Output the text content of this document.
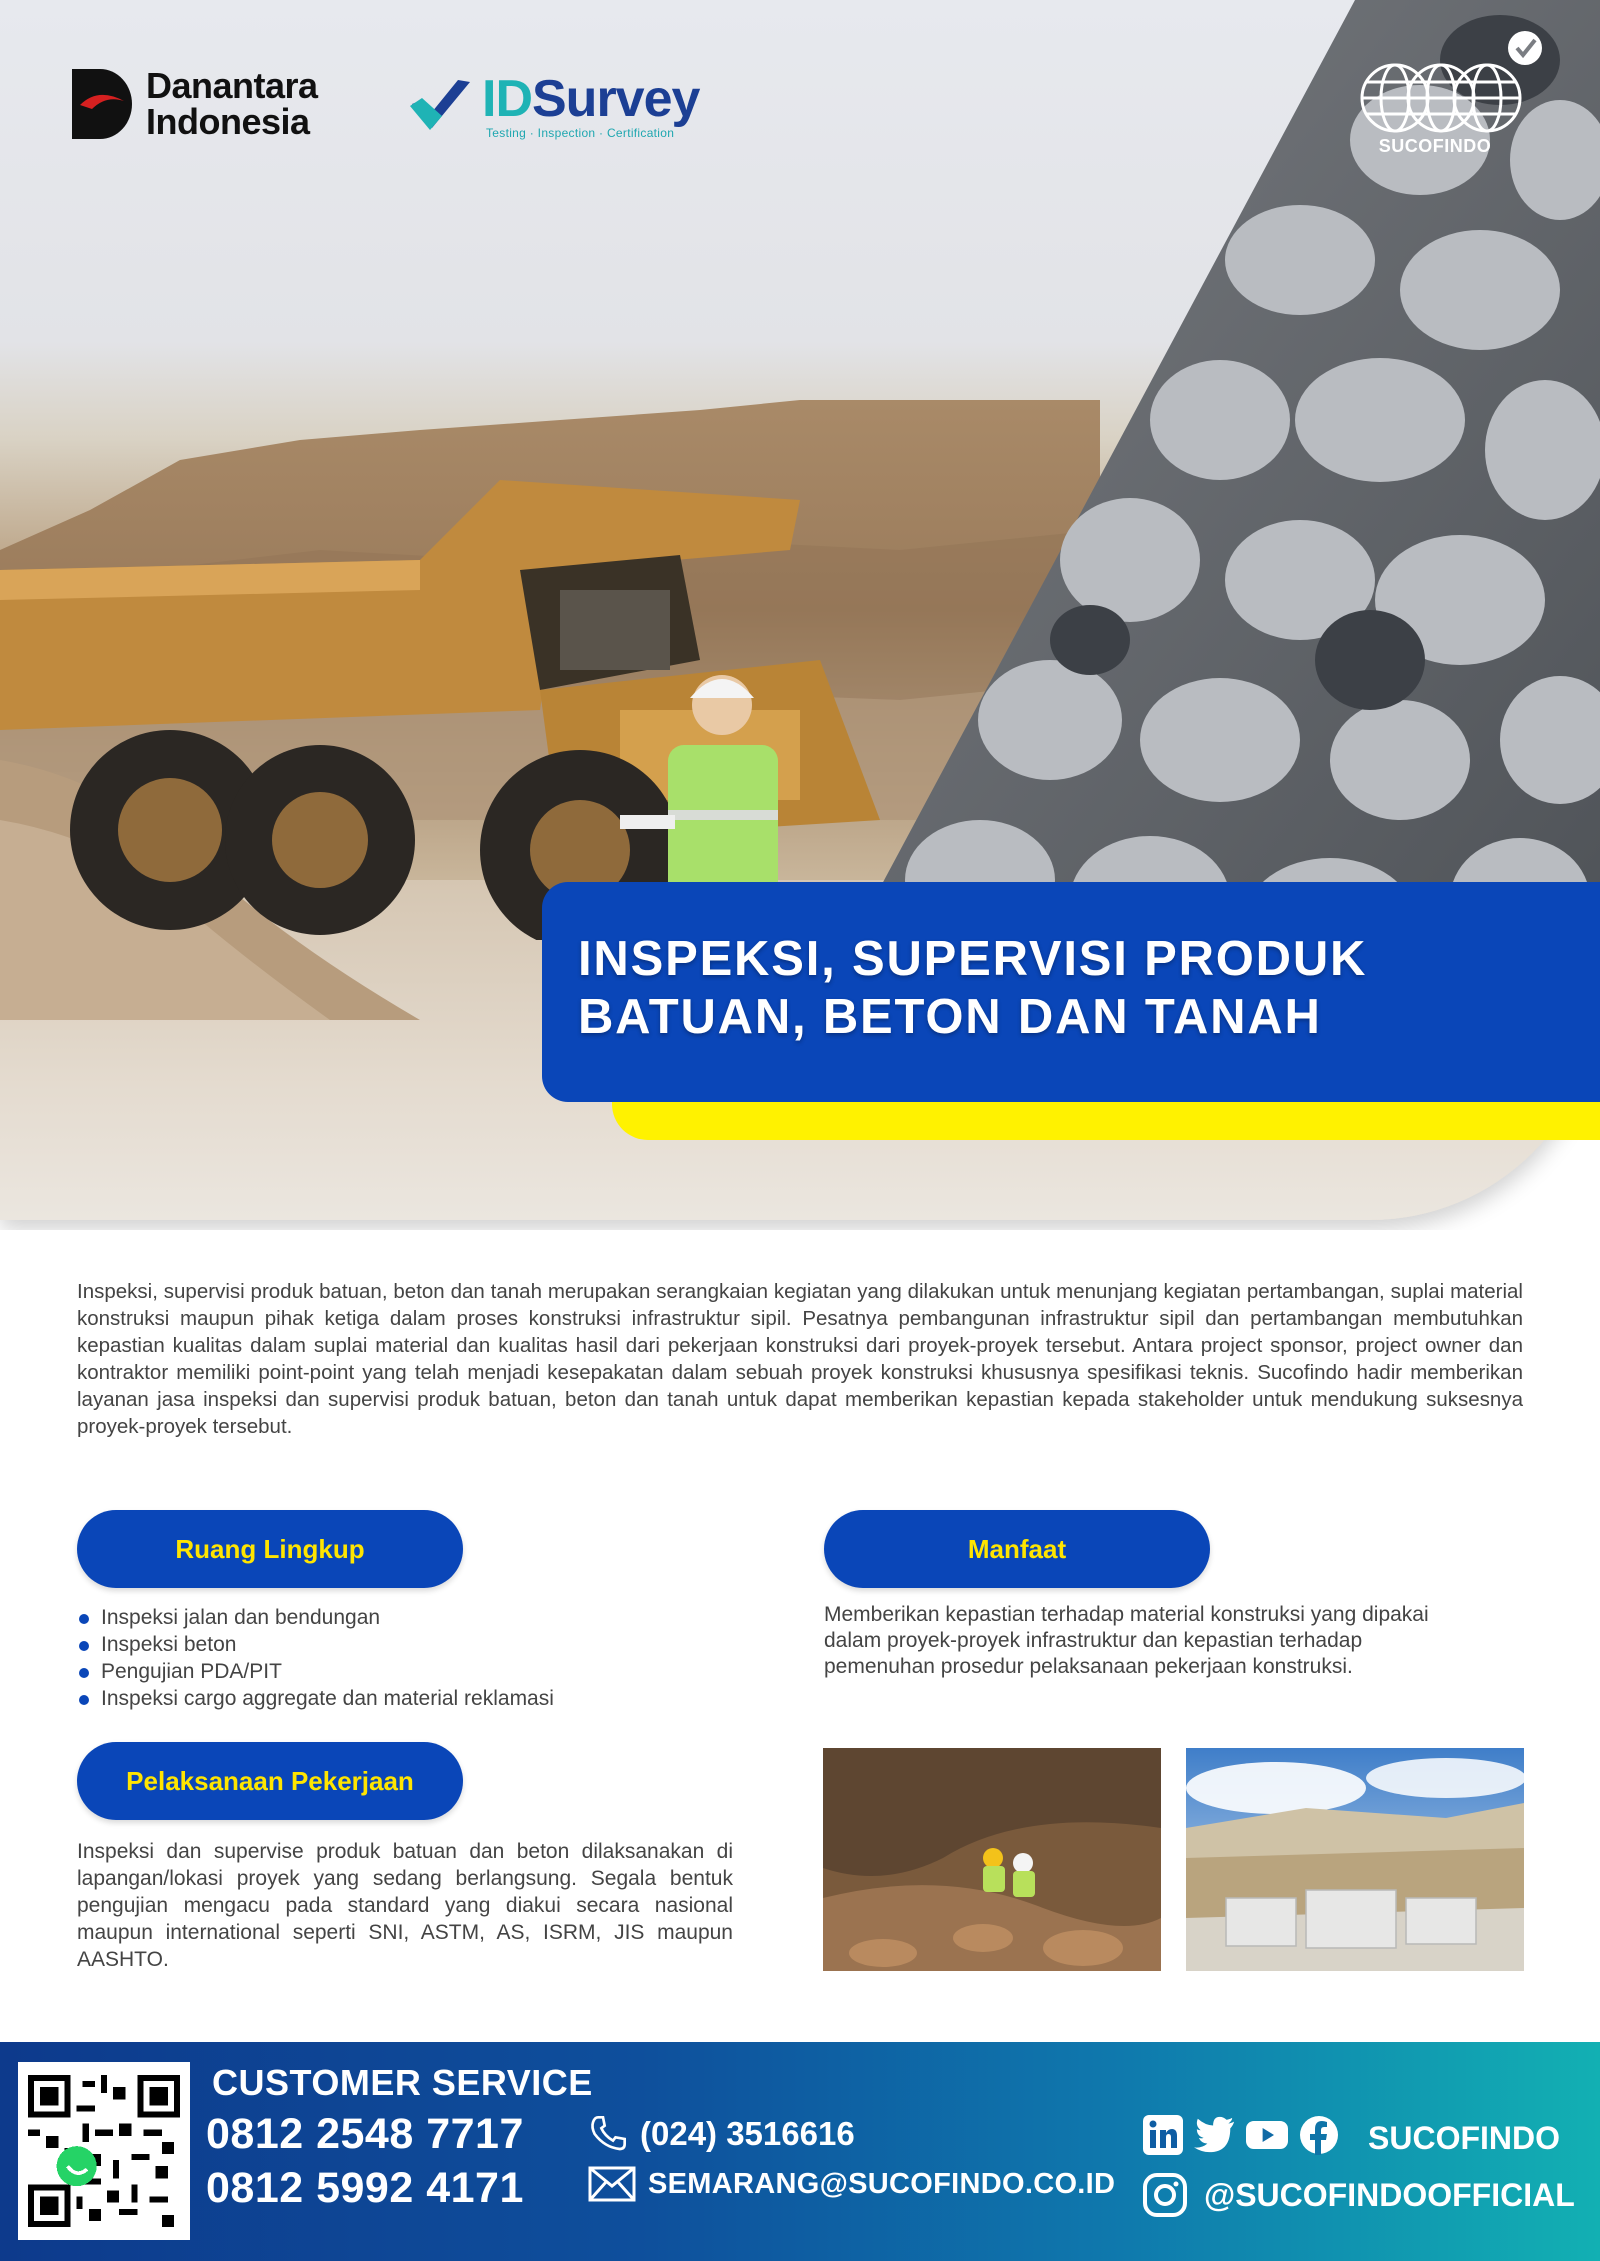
Danantara
Indonesia	IDSurvey
Testing · Inspection · Certification
SUCOFINDO
INSPEKSI, SUPERVISI PRODUK
BATUAN, BETON DAN TANAH

Inspeksi, supervisi produk batuan, beton dan tanah merupakan serangkaian kegiatan yang dilakukan untuk menunjang kegiatan pertambangan, suplai material konstruksi maupun pihak ketiga dalam proses konstruksi infrastruktur sipil. Pesatnya pembangunan infrastruktur sipil dan pertambangan membutuhkan kepastian kualitas dalam suplai material dan kualitas hasil dari pekerjaan konstruksi dari proyek-proyek tersebut. Antara project sponsor, project owner dan kontraktor memiliki point-point yang telah menjadi kesepakatan dalam sebuah proyek konstruksi khususnya spesifikasi teknis. Sucofindo hadir memberikan layanan jasa inspeksi dan supervisi produk batuan, beton dan tanah untuk dapat memberikan kepastian kepada stakeholder untuk mendukung suksesnya proyek-proyek tersebut.

Ruang Lingkup
Inspeksi jalan dan bendungan
Inspeksi beton
Pengujian PDA/PIT
Inspeksi cargo aggregate dan material reklamasi
Manfaat

Memberikan kepastian terhadap material konstruksi yang dipakai dalam proyek-proyek infrastruktur dan kepastian terhadap pemenuhan prosedur pelaksanaan pekerjaan konstruksi.

Pelaksanaan Pekerjaan

Inspeksi dan supervise produk batuan dan beton dilaksanakan di lapangan/lokasi proyek yang sedang berlangsung. Segala bentuk pengujian mengacu pada standard yang diakui secara nasional maupun international seperti SNI, ASTM, AS, ISRM, JIS maupun AASHTO.

CUSTOMER SERVICE
0812 2548 7717
0812 5992 4171
(024) 3516616
SEMARANG@SUCOFINDO.CO.ID
SUCOFINDO
@SUCOFINDOOFFICIAL
